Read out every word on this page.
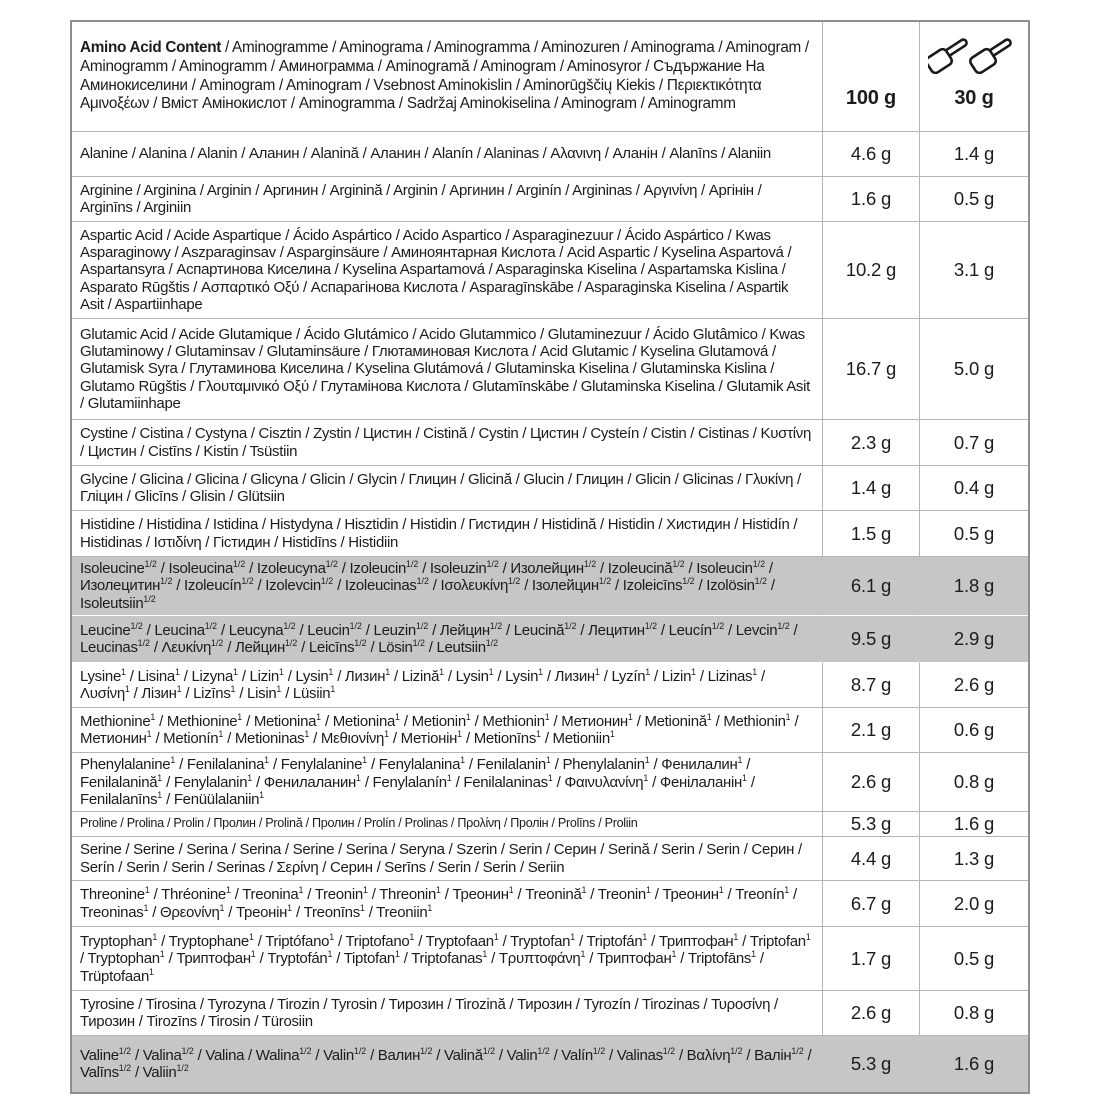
Amino Acid Content / Aminogramme / Aminograma / Aminogramma / Aminozuren / Aminograma / Aminogram / Aminogramm / Aminogramm / Аминограмма / Aminogramă / Aminogram / Aminosyror / Съдържание На Аминокиселини / Aminogram / Aminogram / Vsebnost Aminokislin / Aminorūgščių Kiekis / Περιεκτικότητα Αμινοξέων / Вміст Амінокислот / Aminogramma / Sadržaj Aminokiselina / Aminogram / Aminogramm	100 g	30 g

Alanine / Alanina / Alanin / Аланин / Alanină / Аланин / Alanín / Alaninas / Αλανινη / Аланін / Alanīns / Alaniin	4.6 g	1.4 g

Arginine / Arginina / Arginin / Аргинин / Arginină / Arginin / Аргинин / Arginín / Argininas / Αργινίνη / Аргінін / Arginīns / Arginiin	1.6 g	0.5 g

Aspartic Acid / Acide Aspartique / Ácido Aspártico / Acido Aspartico / Asparaginezuur / Ácido Aspártico / Kwas Asparaginowy / Aszparaginsav / Asparginsäure / Аминоянтарная Кислота / Acid Aspartic / Kyselina Aspartová / Aspartansyra / Аспартинова Киселина / Kyselina Aspartamová / Asparaginska Kiselina / Aspartamska Kislina / Asparato Rūgštis / Ασπαρτικό Οξύ / Аспарагінова Кислота / Asparagīnskābe / Asparaginska Kiselina / Aspartik Asit / Aspartiinhape	10.2 g	3.1 g

Glutamic Acid / Acide Glutamique / Ácido Glutámico / Acido Glutammico / Glutaminezuur / Ácido Glutâmico / Kwas Glutaminowy / Glutaminsav / Glutaminsäure / Глютаминовая Кислота / Acid Glutamic / Kyselina Glutamová / Glutamisk Syra / Глутаминова Киселина / Kyselina Glutámová / Glutaminska Kiselina / Glutaminska Kislina / Glutamo Rūgštis / Γλουταμινικό Οξύ / Глутамінова Кислота / Glutamīnskābe / Glutaminska Kiselina / Glutamik Asit / Glutamiinhape	16.7 g	5.0 g

Cystine / Cistina / Cystyna / Cisztin / Zystin / Цистин / Cistină / Cystin / Цистин / Cysteín / Cistin / Cistinas / Κυστίνη / Цистин / Cistīns / Kistin / Tsüstiin	2.3 g	0.7 g

Glycine / Glicina / Glicina / Glicyna / Glicin / Glycin / Глицин / Glicină / Glucin / Глицин / Glicin / Glicinas / Γλυκίνη / Гліцин / Glicīns / Glisin / Glütsiin	1.4 g	0.4 g

Histidine / Histidina / Istidina / Histydyna / Hisztidin / Histidin / Гистидин / Histidină / Histidin / Хистидин / Histidín / Histidinas / Ιστιδίνη / Гістидин / Histidīns / Histidiin	1.5 g	0.5 g

Isoleucine$^{1/2}$ / Isoleucina$^{1/2}$ / Izoleucyna$^{1/2}$ / Izoleucin$^{1/2}$ / Isoleuzin$^{1/2}$ / Изолейцин$^{1/2}$ / Izoleucină$^{1/2}$ / Isoleucin$^{1/2}$ / Изолецитин$^{1/2}$ / Izoleucín$^{1/2}$ / Izolevcin$^{1/2}$ / Izoleucinas$^{1/2}$ / Ισολευκίνη$^{1/2}$ / Ізолейцин$^{1/2}$ / Izoleicīns$^{1/2}$ / Izolösin$^{1/2}$ / Isoleutsiin$^{1/2}$	6.1 g	1.8 g

Leucine$^{1/2}$ / Leucina$^{1/2}$ / Leucyna$^{1/2}$ / Leucin$^{1/2}$ / Leuzin$^{1/2}$ / Лейцин$^{1/2}$ / Leucină$^{1/2}$ / Лецитин$^{1/2}$ / Leucín$^{1/2}$ / Levcin$^{1/2}$ / Leucinas$^{1/2}$ / Λευκίνη$^{1/2}$ / Лейцин$^{1/2}$ / Leicīns$^{1/2}$ / Lösin$^{1/2}$ / Leutsiin$^{1/2}$	9.5 g	2.9 g

Lysine$^1$ / Lisina$^1$ / Lizyna$^1$ / Lizin$^1$ / Lysin$^1$ / Лизин$^1$ / Lizină$^1$ / Lysin$^1$ / Lysin$^1$ / Лизин$^1$ / Lyzín$^1$ / Lizin$^1$ / Lizinas$^1$ / Λυσίνη$^1$ / Лізин$^1$ / Lizīns$^1$ / Lisin$^1$ / Lüsiin$^1$	8.7 g	2.6 g

Methionine$^1$ / Methionine$^1$ / Metionina$^1$ / Metionina$^1$ / Metionin$^1$ / Methionin$^1$ / Метионин$^1$ / Metionină$^1$ / Methionin$^1$ / Метионин$^1$ / Metionín$^1$ / Metioninas$^1$ / Μεθιονίνη$^1$ / Метіонін$^1$ / Metionīns$^1$ / Metioniin$^1$	2.1 g	0.6 g

Phenylalanine$^1$ / Fenilalanina$^1$ / Fenylalanine$^1$ / Fenylalanina$^1$ / Fenilalanin$^1$ / Phenylalanin$^1$ / Фенилалин$^1$ / Fenilalanină$^1$ / Fenylalanin$^1$ / Фенилаланин$^1$ / Fenylalanín$^1$ / Fenilalaninas$^1$ / Φαινυλανίνη$^1$ / Фенілаланін$^1$ / Fenilalanīns$^1$ / Fenüülalaniin$^1$	2.6 g	0.8 g

Proline / Prolina / Prolin / Пролин / Prolină / Пролин / Prolín / Prolinas / Προλίνη / Пролін / Prolīns / Proliin	5.3 g	1.6 g

Serine / Serine / Serina / Serina / Serine / Serina / Seryna / Szerin / Serin / Серин / Serină / Serin / Serin / Серин / Serín / Serin / Serin / Serinas / Σερίνη / Серин / Serīns / Serin / Serin / Seriin	4.4 g	1.3 g

Threonine$^1$ / Thréonine$^1$ / Treonina$^1$ / Treonin$^1$ / Threonin$^1$ / Треонин$^1$ / Treonină$^1$ / Treonin$^1$ / Треонин$^1$ / Treonín$^1$ / Treoninas$^1$ / Θρεονίνη$^1$ / Треонін$^1$ / Treonīns$^1$ / Treoniin$^1$	6.7 g	2.0 g

Tryptophan$^1$ / Tryptophane$^1$ / Triptófano$^1$ / Triptofano$^1$ / Tryptofaan$^1$ / Tryptofan$^1$ / Triptofán$^1$ / Триптофан$^1$ / Triptofan$^1$ / Tryptophan$^1$ / Триптофан$^1$ / Tryptofán$^1$ / Tiptofan$^1$ / Triptofanas$^1$ / Τρυπτοφάνη$^1$ / Триптофан$^1$ / Triptofāns$^1$ / Trüptofaan$^1$	1.7 g	0.5 g

Tyrosine / Tirosina / Tyrozyna / Tirozin / Tyrosin / Тирозин / Tirozină / Тирозин / Tyrozín / Tirozinas / Τυροσίνη / Тирозин / Tirozīns / Tirosin / Türosiin	2.6 g	0.8 g

Valine$^{1/2}$ / Valina$^{1/2}$ / Valina / Walina$^{1/2}$ / Valin$^{1/2}$ / Валин$^{1/2}$ / Valină$^{1/2}$ / Valin$^{1/2}$ / Valín$^{1/2}$ / Valinas$^{1/2}$ / Βαλίνη$^{1/2}$ / Валін$^{1/2}$ / Valīns$^{1/2}$ / Valiin$^{1/2}$	5.3 g	1.6 g
